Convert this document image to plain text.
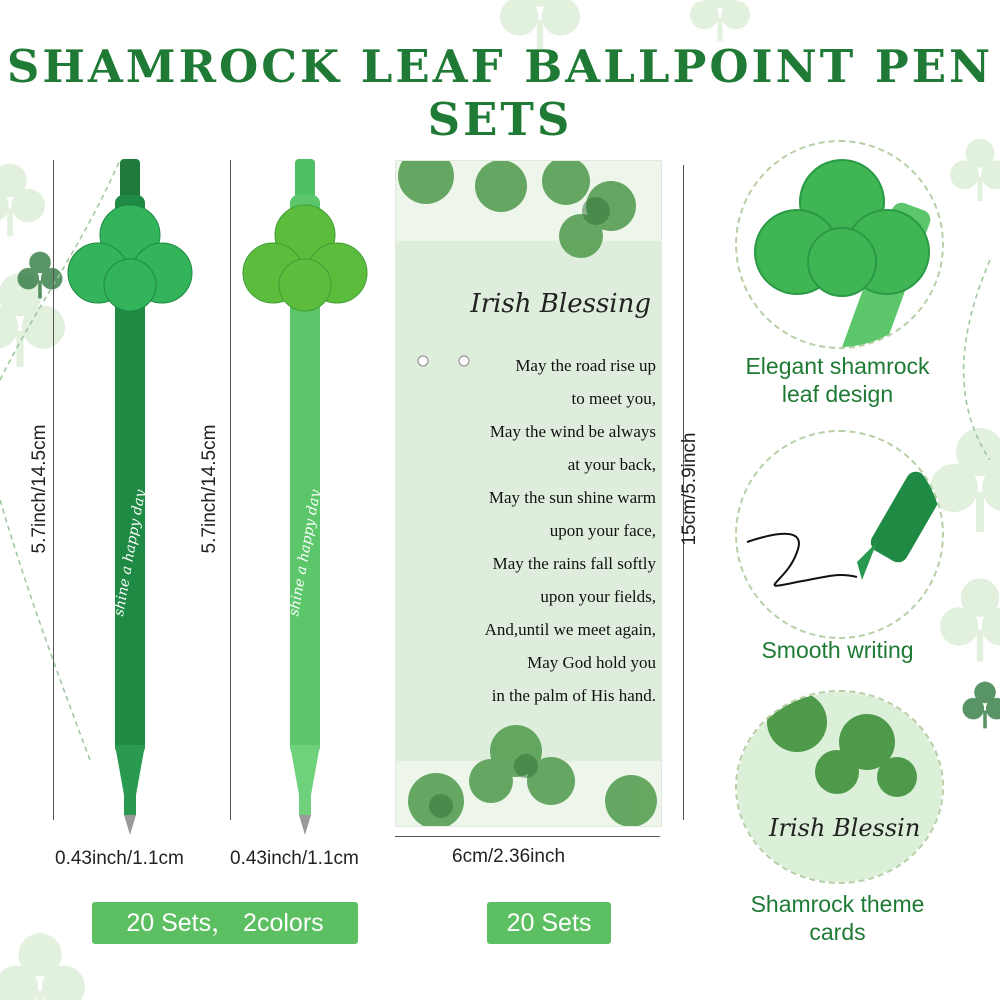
SHAMROCK LEAF BALLPOINT PEN SETS
shine a happy day
5.7inch/14.5cm
0.43inch/1.1cm
shine a happy day
5.7inch/14.5cm
0.43inch/1.1cm
20 Sets， 2colors
Irish Blessing
May the road rise up
to meet you,
May the wind be always
at your back,
May the sun shine warm
upon your face,
May the rains fall softly
upon your fields,
And,until we meet again,
May God hold you
in the palm of His hand.
15cm/5.9inch
6cm/2.36inch
20 Sets
Elegant shamrock leaf design
Smooth writing
Irish Blessin
Shamrock theme cards
